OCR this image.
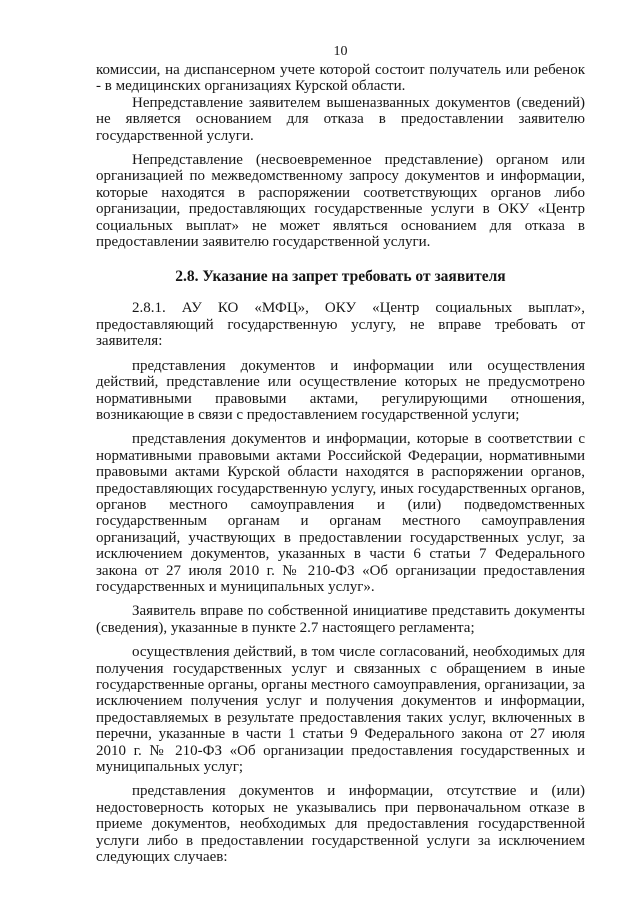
10

комиссии, на диспансерном учете которой состоит получатель или ребенок - в медицинских организациях Курской области.

Непредставление заявителем вышеназванных документов (сведений) не является основанием для отказа в предоставлении заявителю государственной услуги.

Непредставление (несвоевременное представление) органом или организацией по межведомственному запросу документов и информации, которые находятся в распоряжении соответствующих органов либо организации, предоставляющих государственные услуги в ОКУ «Центр социальных выплат» не может являться основанием для отказа в предоставлении заявителю государственной услуги.

2.8. Указание на запрет требовать от заявителя

2.8.1. АУ КО «МФЦ», ОКУ «Центр социальных выплат», предоставляющий государственную услугу, не вправе требовать от заявителя:

представления документов и информации или осуществления действий, представление или осуществление которых не предусмотрено нормативными правовыми актами, регулирующими отношения, возникающие в связи с предоставлением государственной услуги;

представления документов и информации, которые в соответствии с нормативными правовыми актами Российской Федерации, нормативными правовыми актами Курской области находятся в распоряжении органов, предоставляющих государственную услугу, иных государственных органов, органов местного самоуправления и (или) подведомственных государственным органам и органам местного самоуправления организаций, участвующих в предоставлении государственных услуг, за исключением документов, указанных в части 6 статьи 7 Федерального закона от 27 июля 2010 г. № 210-ФЗ «Об организации предоставления государственных и муниципальных услуг».

Заявитель вправе по собственной инициативе представить документы (сведения), указанные в пункте 2.7 настоящего регламента;

осуществления действий, в том числе согласований, необходимых для получения государственных услуг и связанных с обращением в иные государственные органы, органы местного самоуправления, организации, за исключением получения услуг и получения документов и информации, предоставляемых в результате предоставления таких услуг, включенных в перечни, указанные в части 1 статьи 9 Федерального закона от 27 июля 2010 г. № 210-ФЗ «Об организации предоставления государственных и муниципальных услуг;

представления документов и информации, отсутствие и (или) недостоверность которых не указывались при первоначальном отказе в приеме документов, необходимых для предоставления государственной услуги либо в предоставлении государственной услуги за исключением следующих случаев:
